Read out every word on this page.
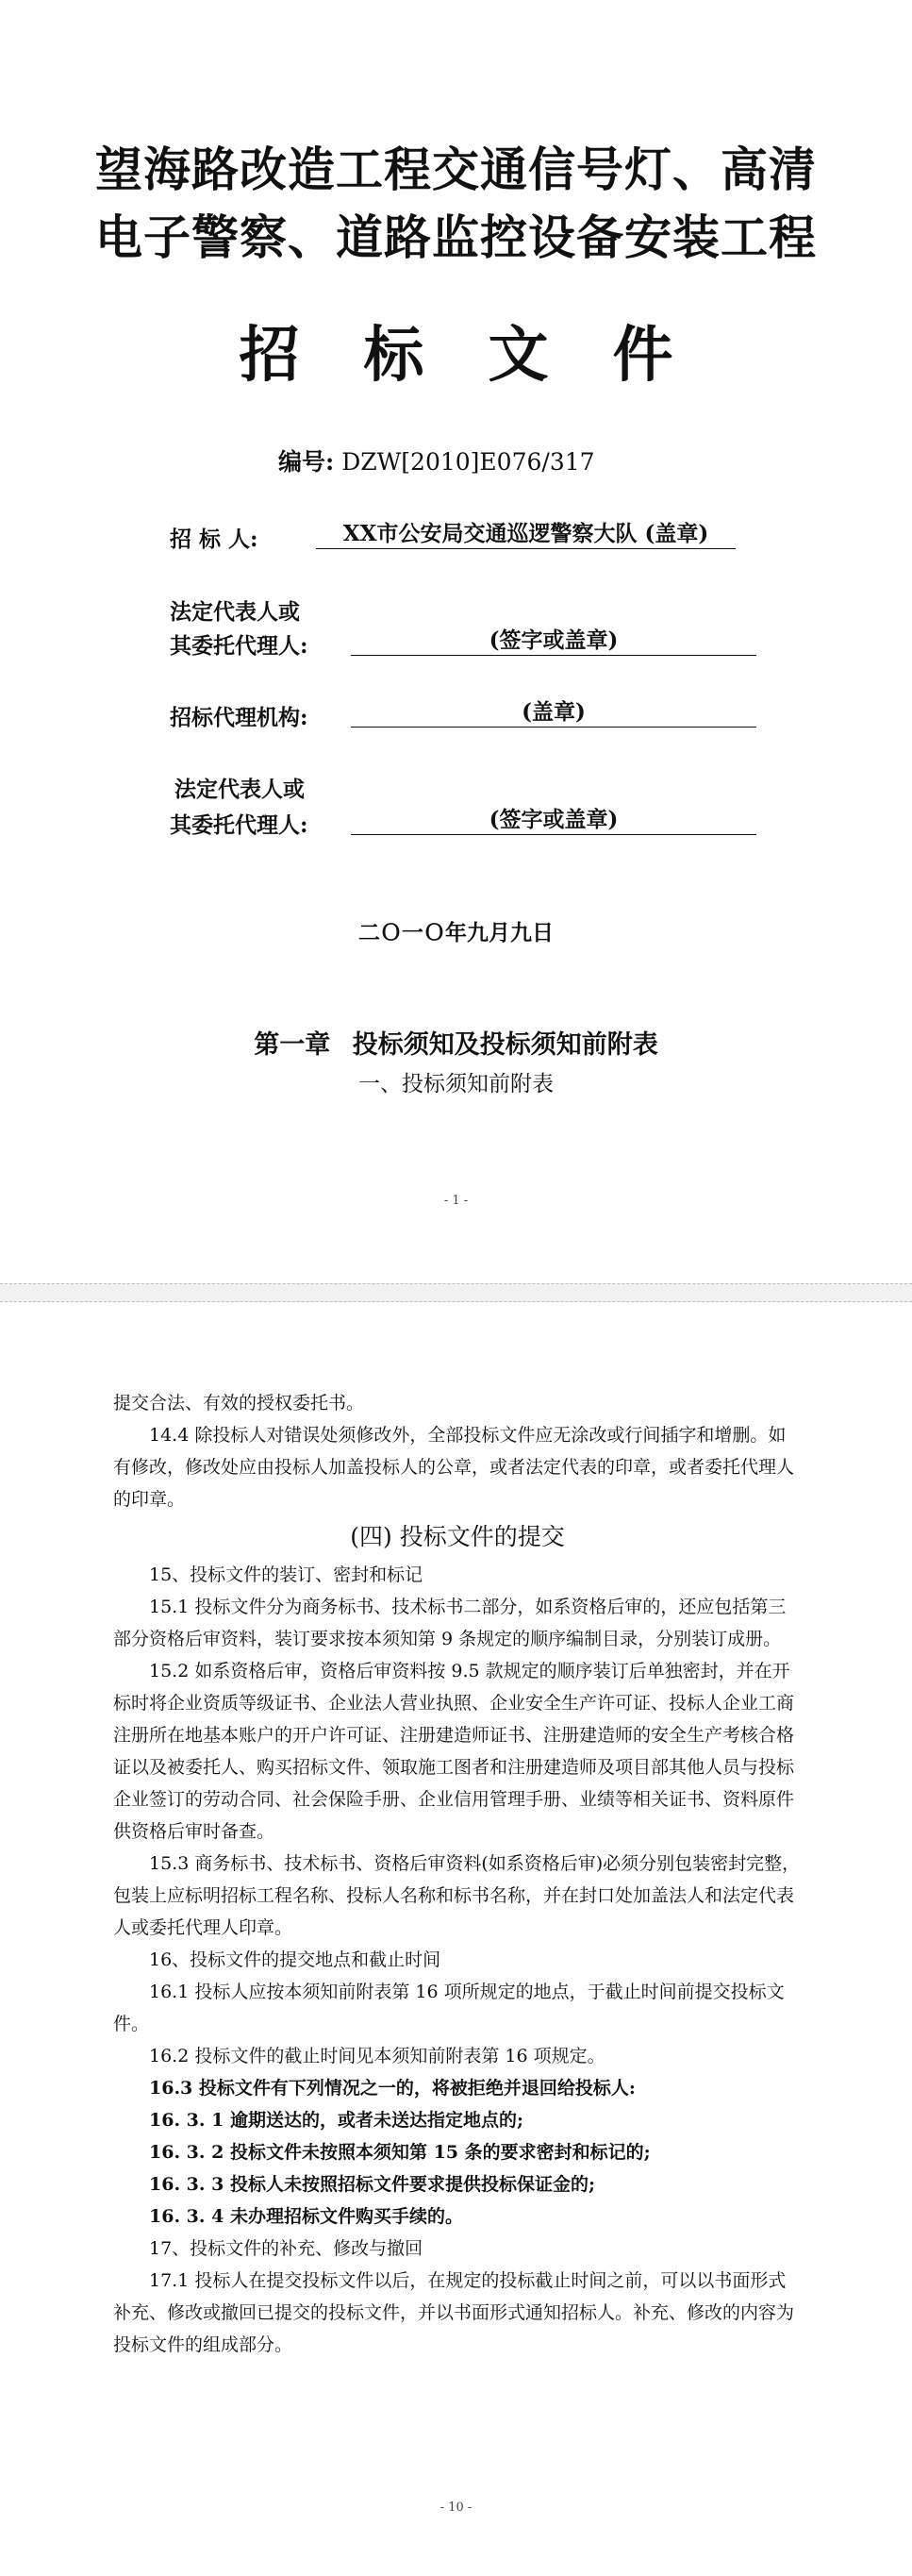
望海路改造工程交通信号灯、高清
电子警察、道路监控设备安装工程
招 标 文 件
编号: DZW[2010]E076/317
招 标 人:	XX市公安局交通巡逻警察大队 (盖章)
法定代表人或
其委托代理人:	(签字或盖章)
招标代理机构:	(盖章)
法定代表人或
其委托代理人:	(签字或盖章)
二Ｏ一Ｏ年九月九日
第一章 投标须知及投标须知前附表
一、投标须知前附表
- 1 -

提交合法、有效的授权委托书。

14.4 除投标人对错误处须修改外，全部投标文件应无涂改或行间插字和增删。如有修改，修改处应由投标人加盖投标人的公章，或者法定代表的印章，或者委托代理人的印章。

(四) 投标文件的提交

15、投标文件的装订、密封和标记

15.1 投标文件分为商务标书、技术标书二部分，如系资格后审的，还应包括第三部分资格后审资料，装订要求按本须知第 9 条规定的顺序编制目录，分别装订成册。

15.2 如系资格后审，资格后审资料按 9.5 款规定的顺序装订后单独密封，并在开标时将企业资质等级证书、企业法人营业执照、企业安全生产许可证、投标人企业工商注册所在地基本账户的开户许可证、注册建造师证书、注册建造师的安全生产考核合格证以及被委托人、购买招标文件、领取施工图者和注册建造师及项目部其他人员与投标企业签订的劳动合同、社会保险手册、企业信用管理手册、业绩等相关证书、资料原件供资格后审时备查。

15.3 商务标书、技术标书、资格后审资料(如系资格后审)必须分别包装密封完整，包装上应标明招标工程名称、投标人名称和标书名称，并在封口处加盖法人和法定代表人或委托代理人印章。

16、投标文件的提交地点和截止时间

16.1 投标人应按本须知前附表第 16 项所规定的地点，于截止时间前提交投标文件。

16.2 投标文件的截止时间见本须知前附表第 16 项规定。

16.3 投标文件有下列情况之一的，将被拒绝并退回给投标人:

16. 3. 1 逾期送达的，或者未送达指定地点的;

16. 3. 2 投标文件未按照本须知第 15 条的要求密封和标记的;

16. 3. 3 投标人未按照招标文件要求提供投标保证金的;

16. 3. 4 未办理招标文件购买手续的。

17、投标文件的补充、修改与撤回

17.1 投标人在提交投标文件以后，在规定的投标截止时间之前，可以以书面形式补充、修改或撤回已提交的投标文件，并以书面形式通知招标人。补充、修改的内容为投标文件的组成部分。

- 10 -
